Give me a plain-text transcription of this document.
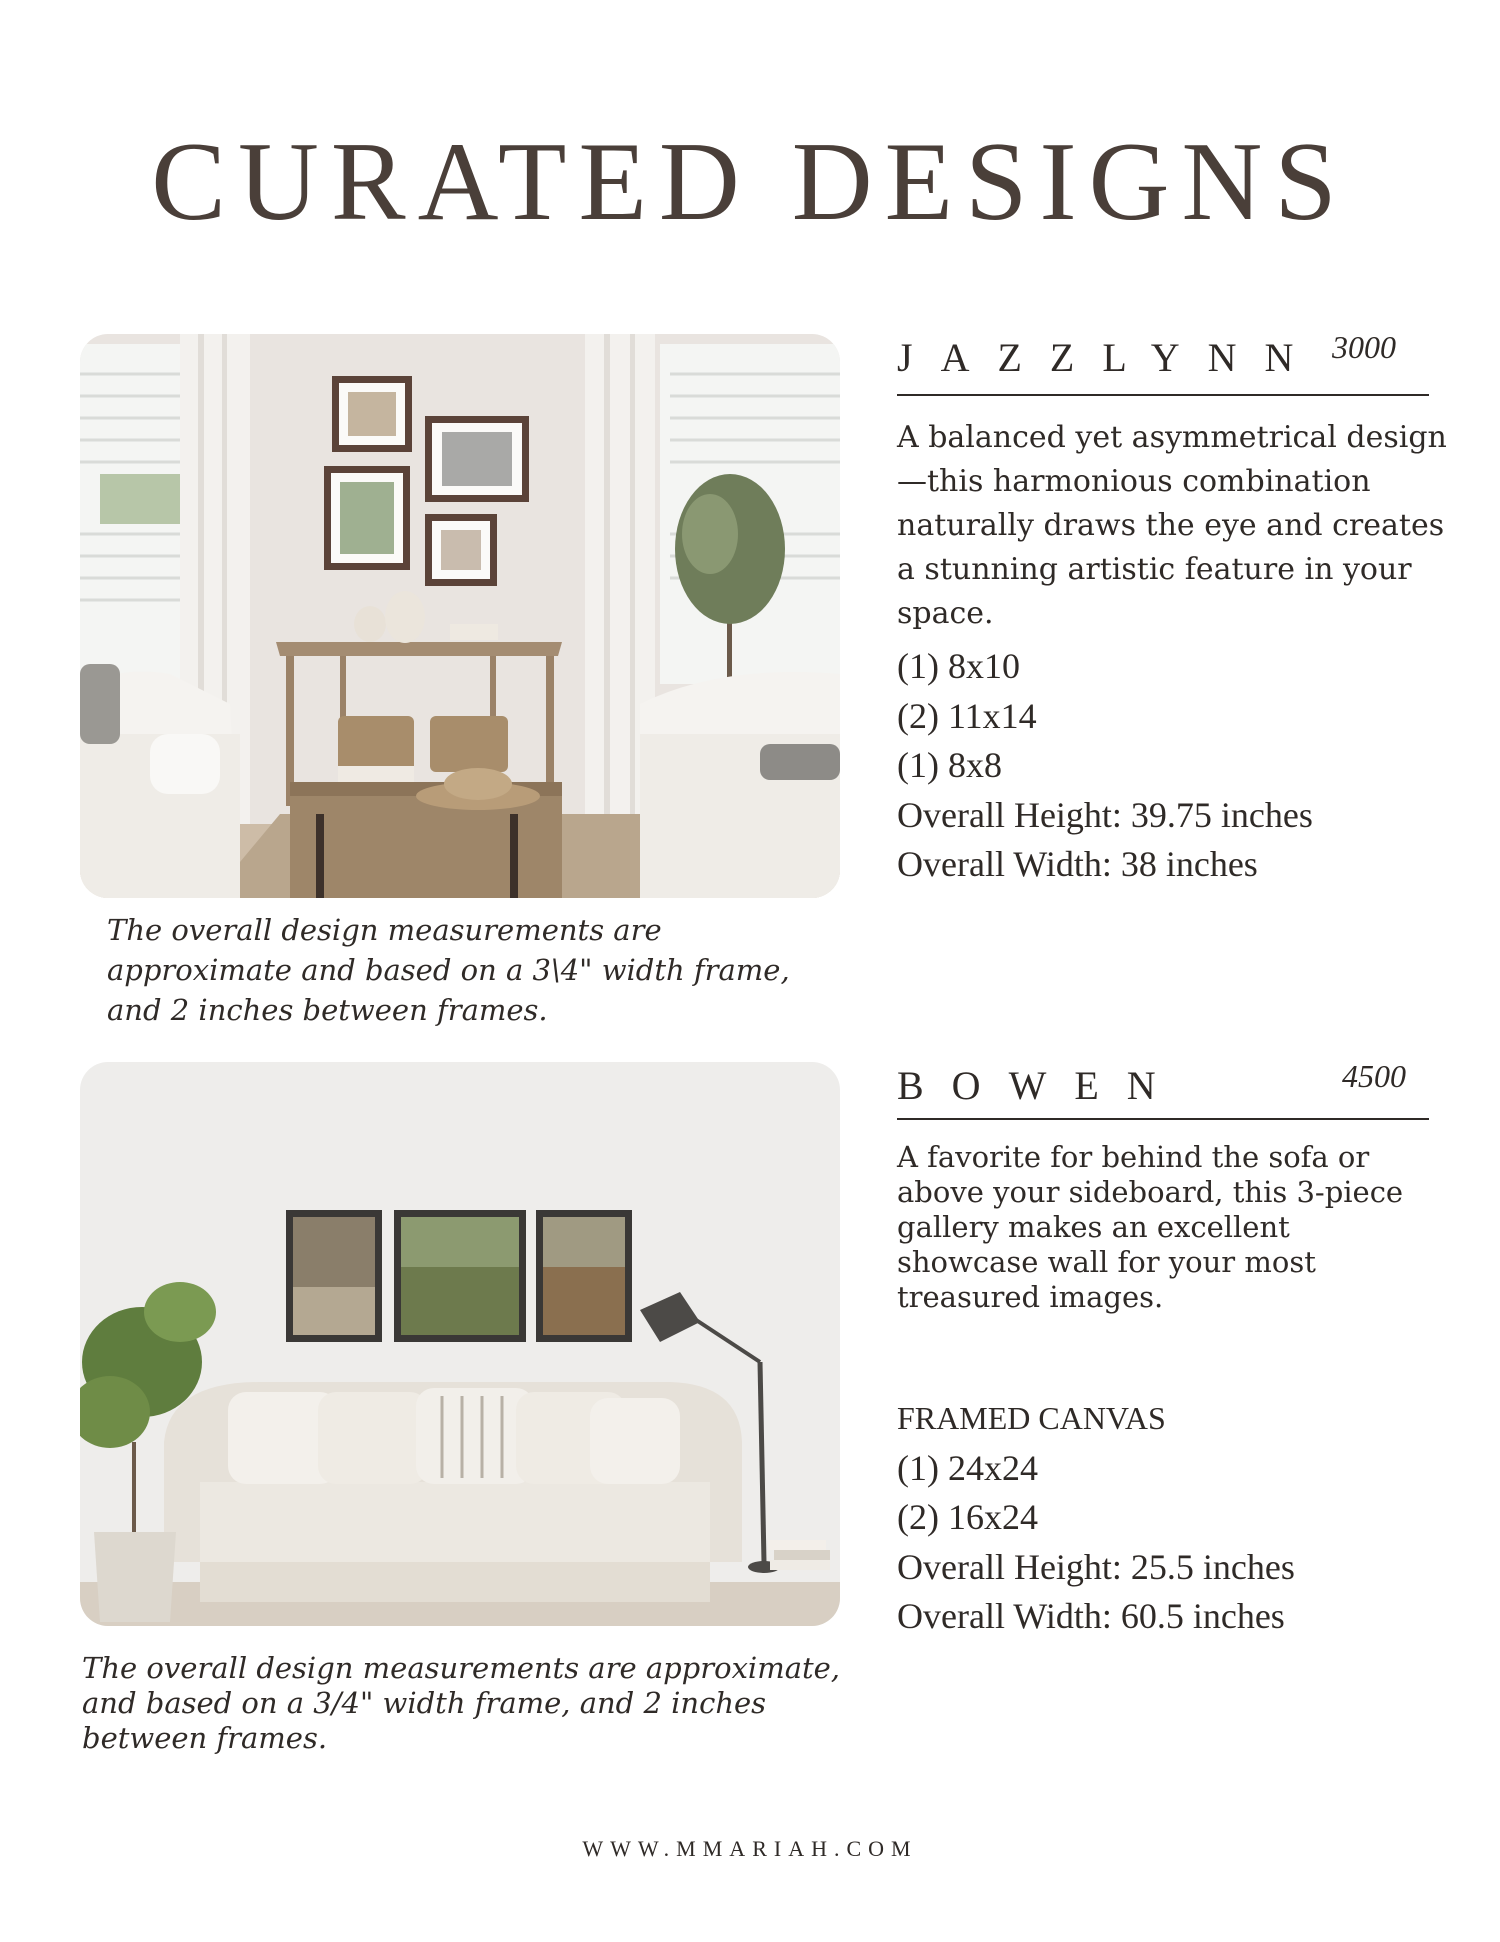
CURATED DESIGNS
JAZZLYNN 3000

A balanced yet asymmetrical design—this harmonious combination naturally draws the eye and creates a stunning artistic feature in your space.

(1) 8x10
(2) 11x14
(1) 8x8
Overall Height: 39.75 inches
Overall Width: 38 inches

The overall design measurements are approximate and based on a 3\4" width frame, and 2 inches between frames.

BOWEN	4500

A favorite for behind the sofa or above your sideboard, this 3-piece gallery makes an excellent showcase wall for your most treasured images.

FRAMED CANVAS
(1) 24x24
(2) 16x24
Overall Height: 25.5 inches
Overall Width: 60.5 inches

The overall design measurements are approximate, and based on a 3/4" width frame, and 2 inches between frames.

WWW.MMARIAH.COM
